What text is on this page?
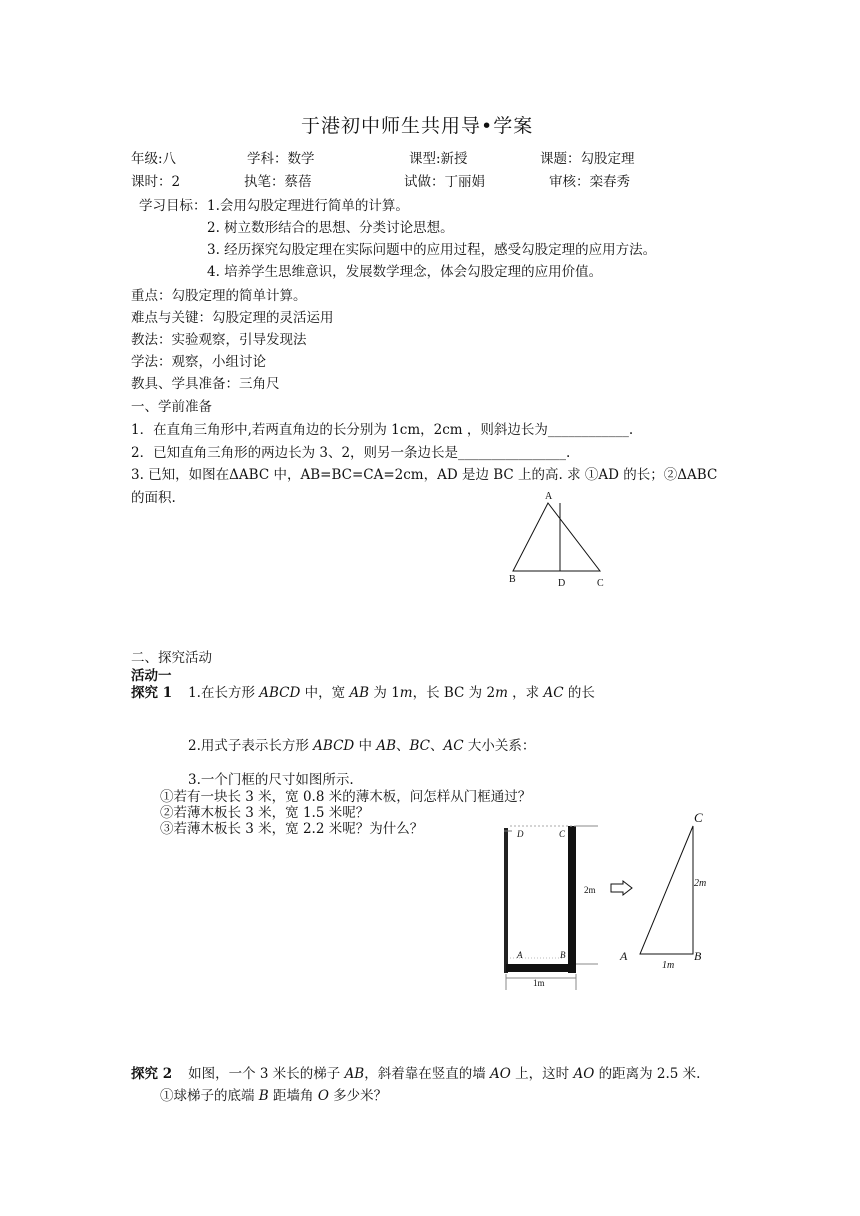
于港初中师生共用导•学案
年级:八	学科：数学	课型:新授	课题：勾股定理
课时：2	执笔：蔡蓓	试做：丁丽娟	审核：栾春秀
学习目标： 1.会用勾股定理进行简单的计算。
2. 树立数形结合的思想、分类讨论思想。
3. 经历探究勾股定理在实际问题中的应用过程，感受勾股定理的应用方法。
4. 培养学生思维意识，发展数学理念，体会勾股定理的应用价值。
重点：勾股定理的简单计算。
难点与关键：勾股定理的灵活运用
教法：实验观察，引导发现法
学法：观察，小组讨论
教具、学具准备：三角尺
一、学前准备
1．在直角三角形中,若两直角边的长分别为 1cm，2cm ，则斜边长为____________.
2．已知直角三角形的两边长为 3、2，则另一条边长是________________.
3. 已知，如图在ΔABC 中，AB=BC=CA=2cm，AD 是边 BC 上的高. 求 ①AD 的长；②ΔABC
的面积.	A
B	D	C
二、探究活动
活动一
探究 1 1.在长方形 ABCD 中，宽 AB 为 1m，长 BC 为 2m ，求 AC 的长
2.用式子表示长方形 ABCD 中 AB、BC、AC 大小关系：
3.一个门框的尺寸如图所示.
①若有一块长 3 米，宽 0.8 米的薄木板，问怎样从门框通过？
②若薄木板长 3 米，宽 1.5 米呢？
③若薄木板长 3 米，宽 2.2 米呢？为什么？	D	C
A	B
2m
1m
C
A	B
2m
1m
探究 2 如图，一个 3 米长的梯子 AB，斜着靠在竖直的墙 AO 上，这时 AO 的距离为 2.5 米.
①球梯子的底端 B 距墙角 O 多少米？
